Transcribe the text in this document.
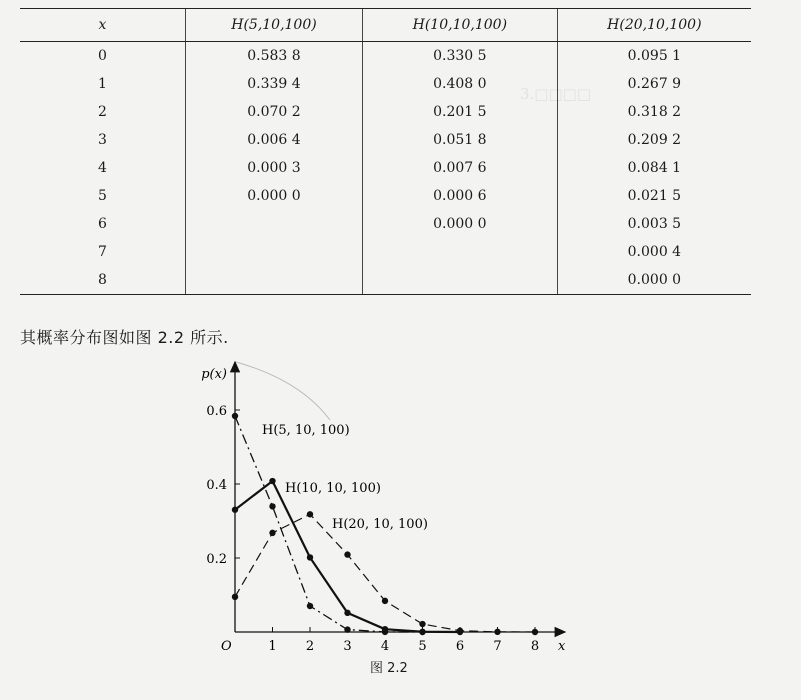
3.□□□□
x	H(5,10,100)	H(10,10,100)	H(20,10,100)
0	0.583 8	0.330 5	0.095 1
1	0.339 4	0.408 0	0.267 9
2	0.070 2	0.201 5	0.318 2
3	0.006 4	0.051 8	0.209 2
4	0.000 3	0.007 6	0.084 1
5	0.000 0	0.000 6	0.021 5
6		0.000 0	0.003 5
7			0.000 4
8			0.000 0
其概率分布图如图 2.2 所示.
1 2 3 4 5 6 7 8
0.2
0.4
0.6
O	x
p(x)
H(5, 10, 100)
H(10, 10, 100)
H(20, 10, 100)
图 2.2
